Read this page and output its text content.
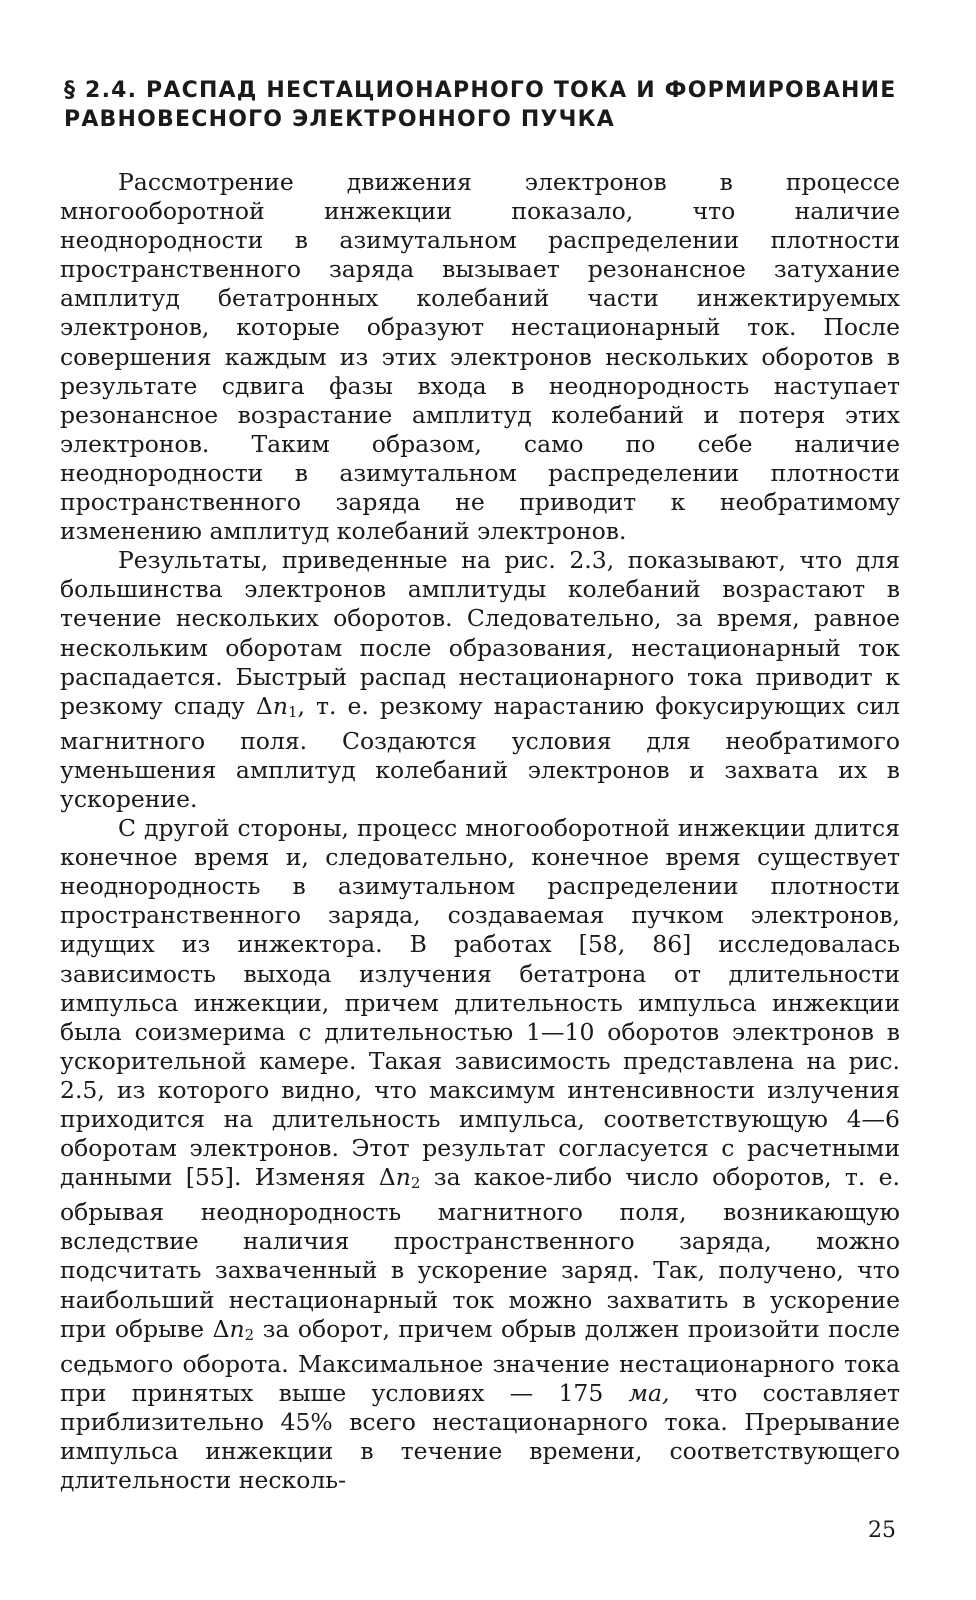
§ 2.4. РАСПАД НЕСТАЦИОНАРНОГО ТОКА И ФОРМИРОВАНИЕ
РАВНОВЕСНОГО ЭЛЕКТРОННОГО ПУЧКА

Рассмотрение движения электронов в процессе многооборотной инжекции показало, что наличие неоднородности в азимутальном распределении плотности пространственного заряда вызывает резонансное затухание амплитуд бетатронных колебаний части инжектируемых электронов, которые образуют нестационарный ток. После совершения каждым из этих электронов нескольких оборотов в результате сдвига фазы входа в неоднородность наступает резонансное возрастание амплитуд колебаний и потеря этих электронов. Таким образом, само по себе наличие неоднородности в азимутальном распределении плотности пространственного заряда не приводит к необратимому изменению амплитуд колебаний электронов.

Результаты, приведенные на рис. 2.3, показывают, что для большинства электронов амплитуды колебаний возрастают в течение нескольких оборотов. Следовательно, за время, равное нескольким оборотам после образования, нестационарный ток распадается. Быстрый распад нестационарного тока приводит к резкому спаду $\Delta n_1$, т. е. резкому нарастанию фокусирующих сил магнитного поля. Создаются условия для необратимого уменьшения амплитуд колебаний электронов и захвата их в ускорение.

С другой стороны, процесс многооборотной инжекции длится конечное время и, следовательно, конечное время существует неоднородность в азимутальном распределении плотности пространственного заряда, создаваемая пучком электронов, идущих из инжектора. В работах [58, 86] исследовалась зависимость выхода излучения бетатрона от длительности импульса инжекции, причем длительность импульса инжекции была соизмерима с длительностью 1—10 оборотов электронов в ускорительной камере. Такая зависимость представлена на рис. 2.5, из которого видно, что максимум интенсивности излучения приходится на длительность импульса, соответствующую 4—6 оборотам электронов. Этот результат согласуется с расчетными данными [55]. Изменяя $\Delta n_2$ за какое-либо число оборотов, т. е. обрывая неоднородность магнитного поля, возникающую вследствие наличия пространственного заряда, можно подсчитать захваченный в ускорение заряд. Так, получено, что наибольший нестационарный ток можно захватить в ускорение при обрыве $\Delta n_2$ за оборот, причем обрыв должен произойти после седьмого оборота. Максимальное значение нестационарного тока при принятых выше условиях — 175 ма, что составляет приблизительно 45% всего нестационарного тока. Прерывание импульса инжекции в течение времени, соответствующего длительности несколь-

25
